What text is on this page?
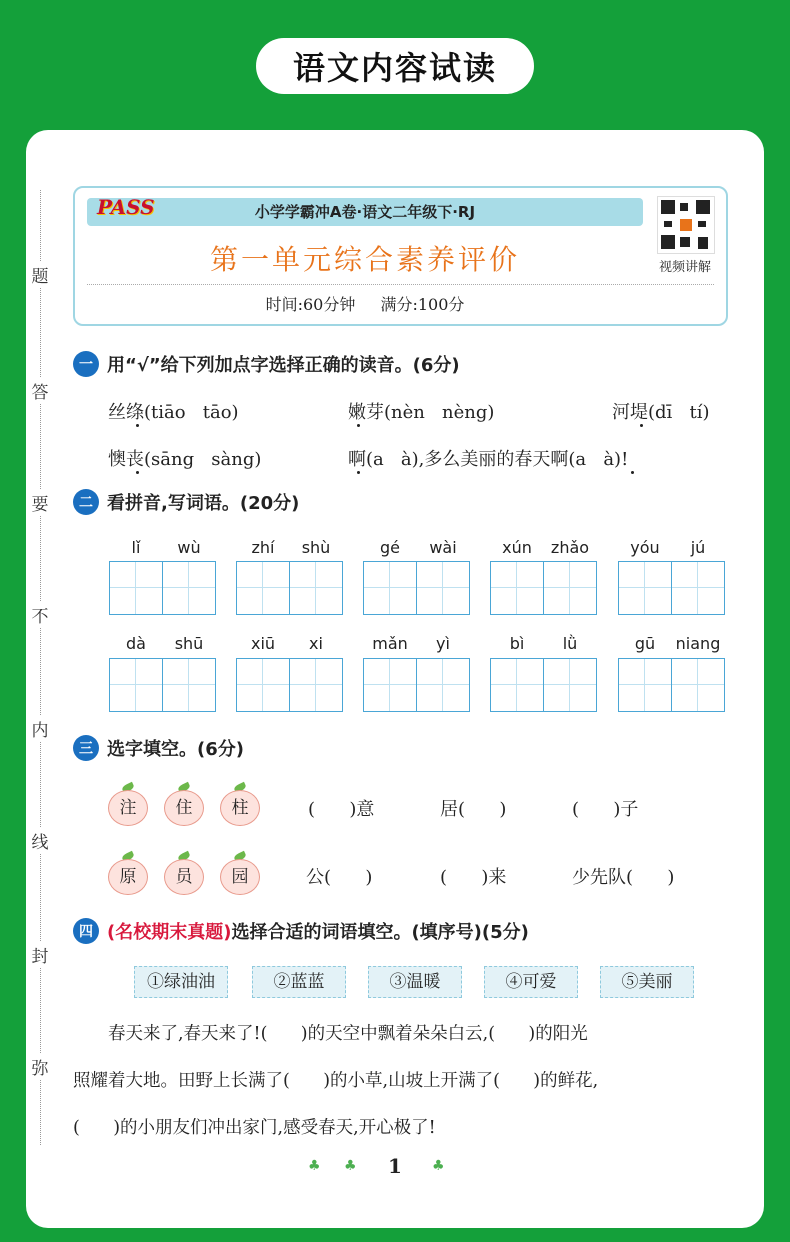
语文内容试读
题
答
要
不
内
线
封
弥
PASS	小学学霸冲A卷·语文二年级下·RJ
第一单元综合素养评价
时间:60分钟 满分:100分
视频讲解
一 用“√”给下列加点字选择正确的读音。(6分)
丝绦(tiāo   tāo)	嫩芽(nèn   nèng)	河堤(dī   tí)
懊丧(sāng   sàng)	啊(a   à),多么美丽的春天啊(a   à)!
二 看拼音,写词语。(20分)
lǐ	wù	zhí	shù	gé	wài	xún	zhǎo	yóu	jú
dà	shū	xiū	xi	mǎn	yì	bì	lǜ	gū	niang
三 选字填空。(6分)
注	住	柱	(      )意	居(      )	(      )子
原	员	园	公(      )	(      )来	少先队(      )
四 (名校期末真题) 选择合适的词语填空。(填序号)(5分)
①绿油油	②蓝蓝	③温暖	④可爱	⑤美丽
春天来了,春天来了!(      )的天空中飘着朵朵白云,(      )的阳光
照耀着大地。田野上长满了(      )的小草,山坡上开满了(      )的鲜花,
(      )的小朋友们冲出家门,感受春天,开心极了!
♣ ♣ 1 ♣
